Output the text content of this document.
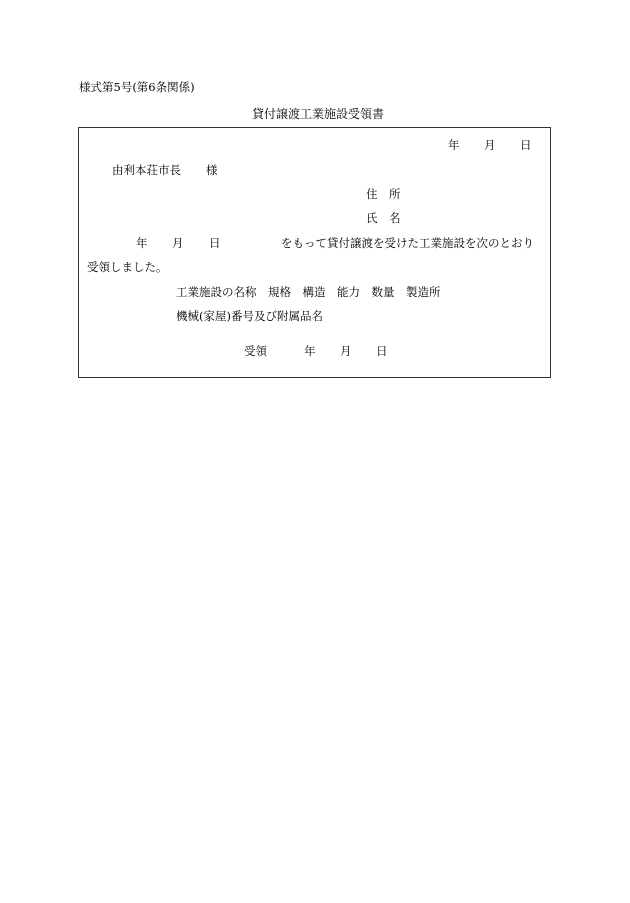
様式第5号(第6条関係)
貸付譲渡工業施設受領書
年 月 日
由利本荘市長 様
住　所
氏　名
年 月 日	をもって貸付譲渡を受けた工業施設を次のとおり
受領しました。
工業施設の名称　規格　構造　能力　数量　製造所
機械(家屋)番号及び附属品名
受領	年 月 日
